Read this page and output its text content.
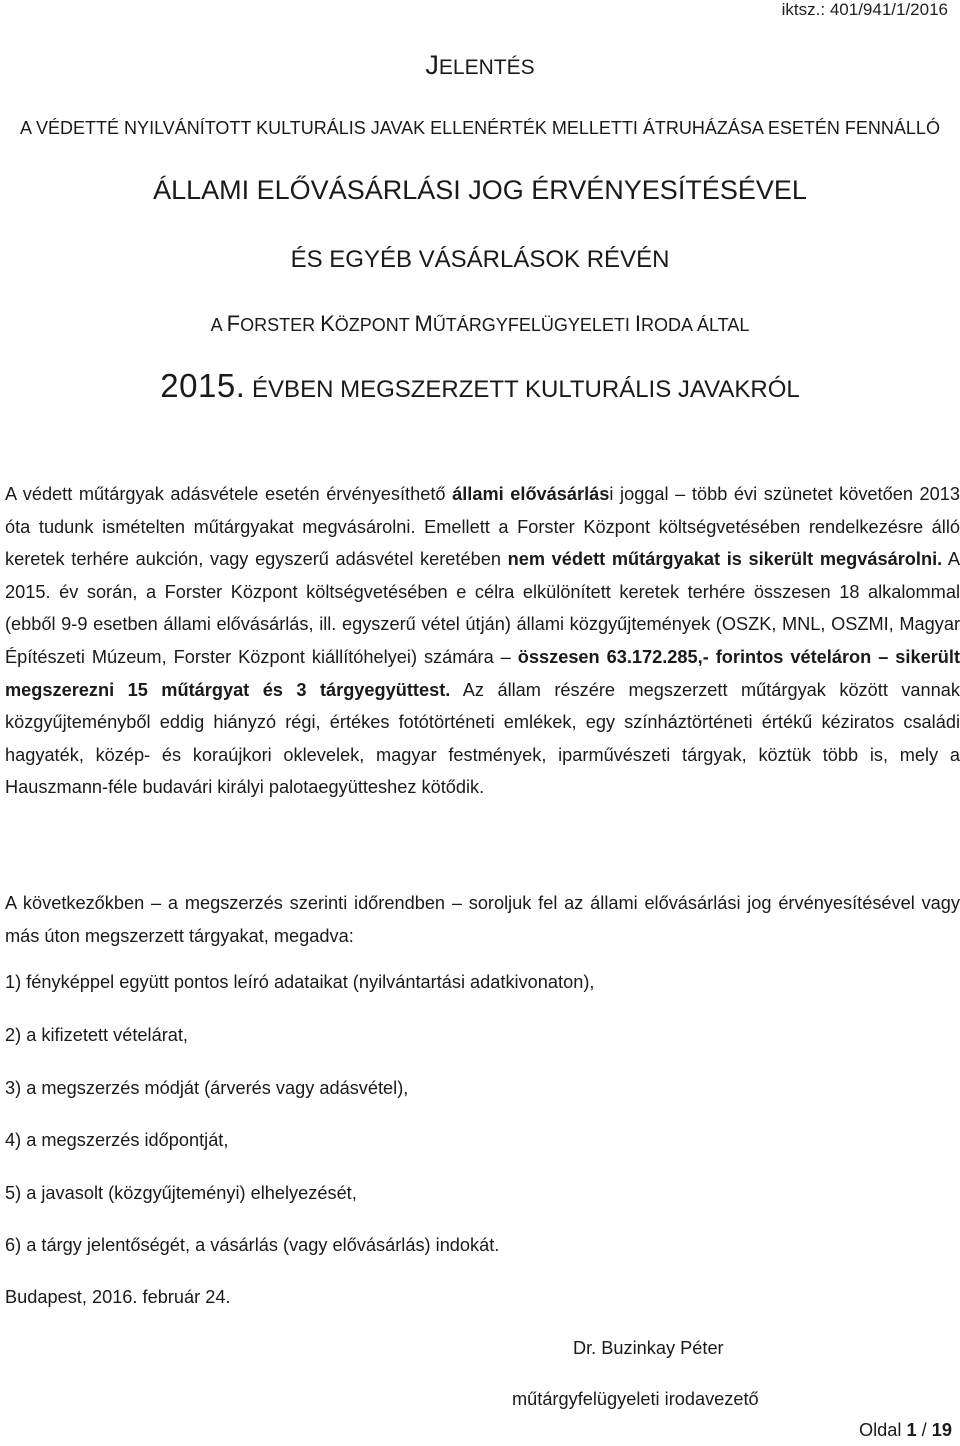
iktsz.: 401/941/1/2016
JELENTÉS
A VÉDETTÉ NYILVÁNÍTOTT KULTURÁLIS JAVAK ELLENÉRTÉK MELLETTI ÁTRUHÁZÁSA ESETÉN FENNÁLLÓ
ÁLLAMI ELŐVÁSÁRLÁSI JOG ÉRVÉNYESÍTÉSÉVEL
ÉS EGYÉB VÁSÁRLÁSOK RÉVÉN
A FORSTER KÖZPONT MŰTÁRGYFELÜGYELETI IRODA ÁLTAL
2015. ÉVBEN MEGSZERZETT KULTURÁLIS JAVAKRÓL
A védett műtárgyak adásvétele esetén érvényesíthető állami elővásárlási joggal – több évi szünetet követően 2013 óta tudunk ismételten műtárgyakat megvásárolni. Emellett a Forster Központ költségvetésében rendelkezésre álló keretek terhére aukción, vagy egyszerű adásvétel keretében nem védett műtárgyakat is sikerült megvásárolni. A 2015. év során, a Forster Központ költségvetésében e célra elkülönített keretek terhére összesen 18 alkalommal (ebből 9-9 esetben állami elővásárlás, ill. egyszerű vétel útján) állami közgyűjtemények (OSZK, MNL, OSZMI, Magyar Építészeti Múzeum, Forster Központ kiállítóhelyei) számára – összesen 63.172.285,- forintos vételáron – sikerült megszerezni 15 műtárgyat és 3 tárgyegyüttest. Az állam részére megszerzett műtárgyak között vannak közgyűjteményből eddig hiányzó régi, értékes fotótörténeti emlékek, egy színháztörténeti értékű kéziratos családi hagyaték, közép- és koraújkori oklevelek, magyar festmények, iparművészeti tárgyak, köztük több is, mely a Hauszmann-féle budavári királyi palotaegyütteshez kötődik.
A következőkben – a megszerzés szerinti időrendben – soroljuk fel az állami elővásárlási jog érvényesítésével vagy más úton megszerzett tárgyakat, megadva:
1) fényképpel együtt pontos leíró adataikat (nyilvántartási adatkivonaton),
2) a kifizetett vételárat,
3) a megszerzés módját (árverés vagy adásvétel),
4) a megszerzés időpontját,
5) a javasolt (közgyűjteményi) elhelyezését,
6) a tárgy jelentőségét, a vásárlás (vagy elővásárlás) indokát.
Budapest, 2016. február 24.
Dr. Buzinkay Péter
műtárgyfelügyeleti irodavezető
Oldal 1 / 19
